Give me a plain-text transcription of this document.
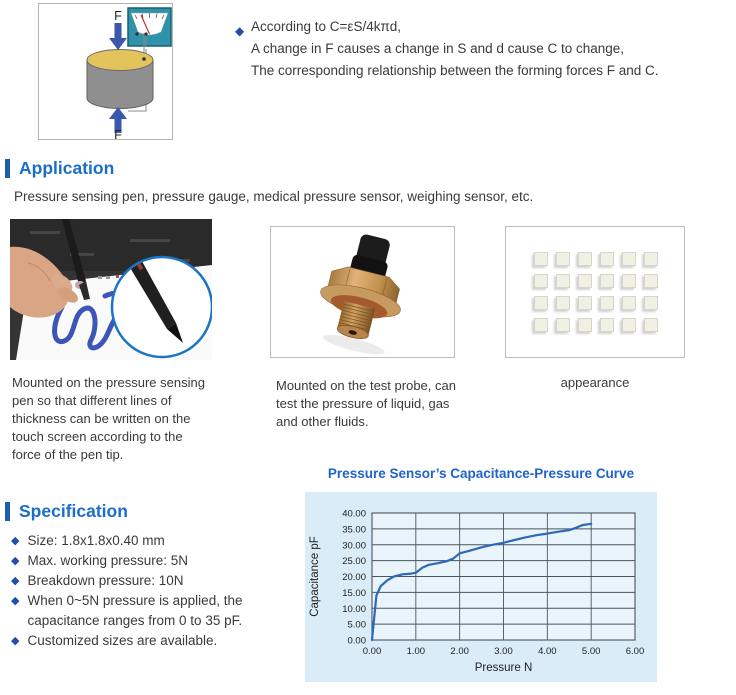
F
F
◆ According to C=εS/4kπd,
A change in F causes a change in S and d cause C to change,
The corresponding relationship between the forming forces F and C.
Application
Pressure sensing pen, pressure gauge, medical pressure sensor, weighing sensor, etc.
Mounted on the pressure sensing pen so that different lines of thickness can be written on the touch screen according to the force of the pen tip.
Mounted on the test probe, can test the pressure of liquid, gas and other fluids.
appearance
Specification
◆ Size: 1.8x1.8x0.40 mm
◆ Max. working pressure: 5N
◆ Breakdown pressure: 10N
◆ When 0~5N pressure is applied, the capacitance ranges from 0 to 35 pF.
◆ Customized sizes are available.
Pressure Sensor’s Capacitance-Pressure Curve
0.00
5.00
10.00
15.00
20.00
25.00
30.00
35.00
40.00
0.00	1.00	2.00	3.00	4.00	5.00	6.00
Pressure N
Capacitance pF
